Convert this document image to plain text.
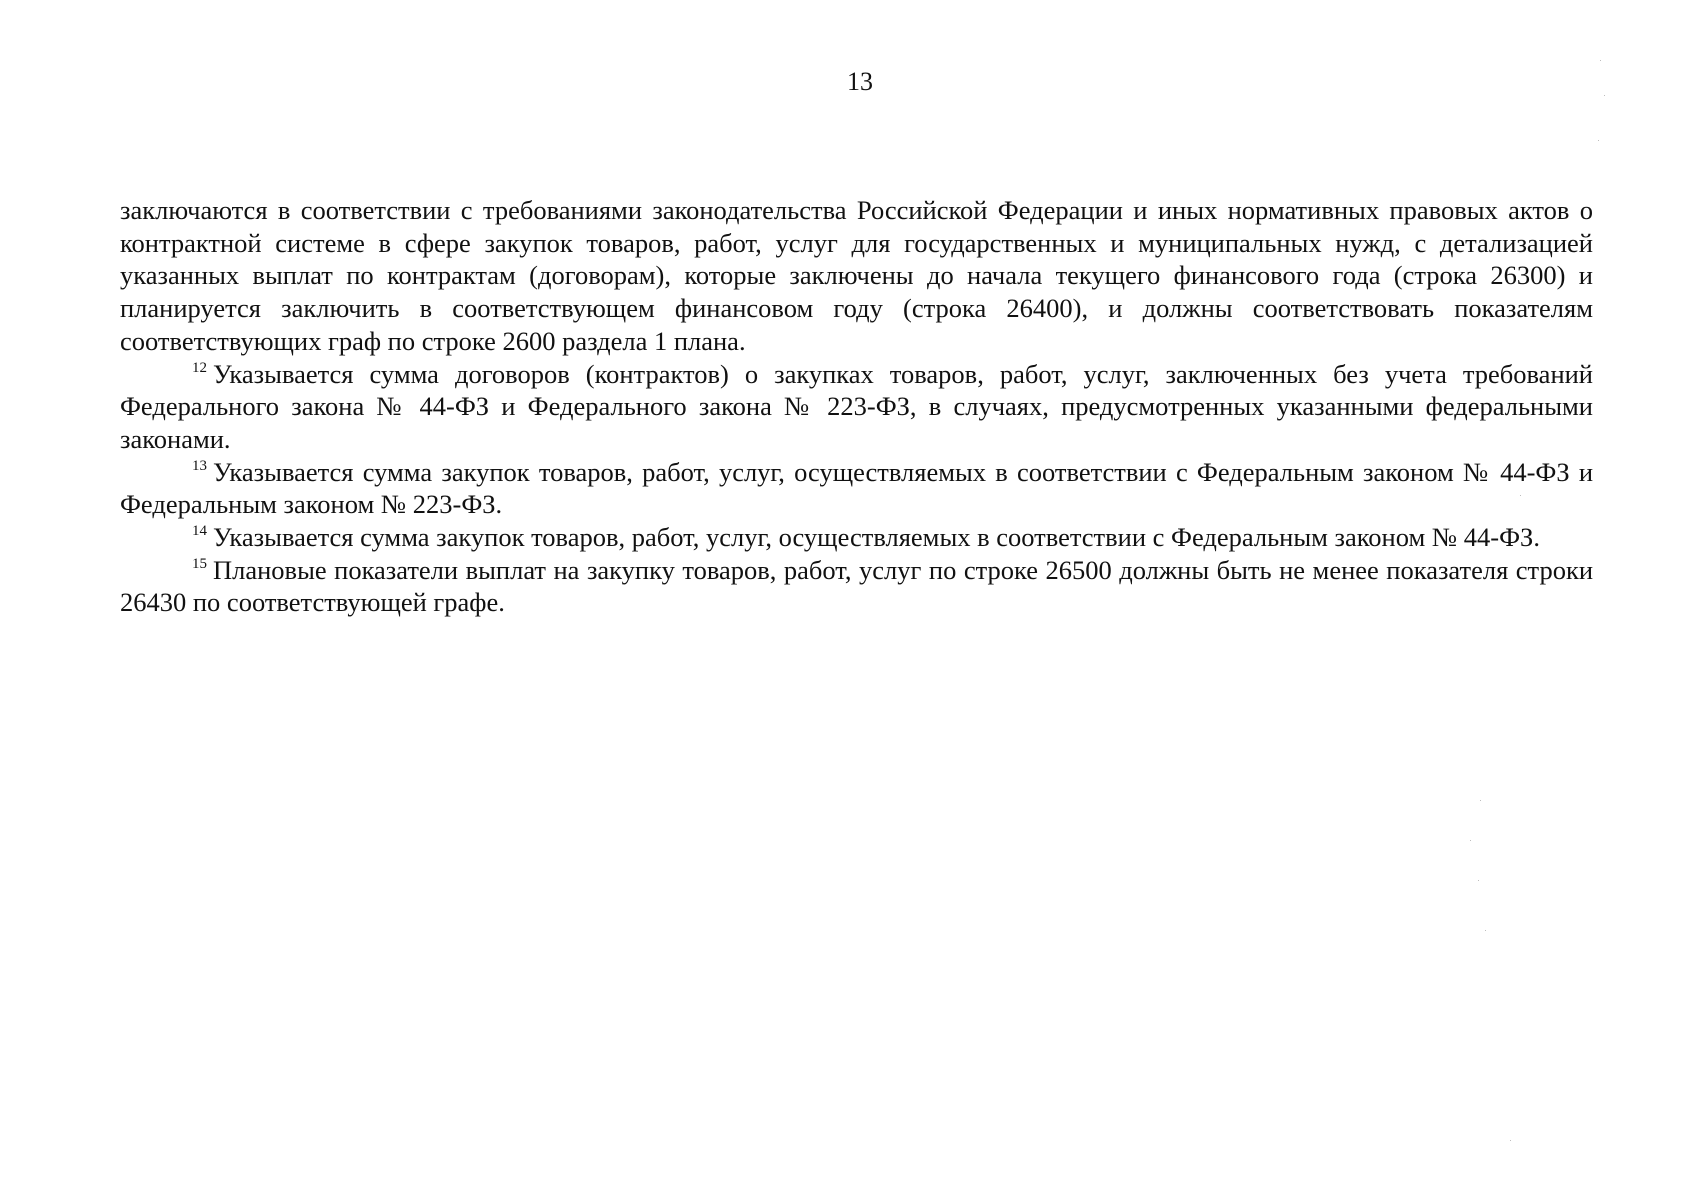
13

заключаются в соответствии с требованиями законодательства Российской Федерации и иных нормативных правовых актов о контрактной системе в сфере закупок товаров, работ, услуг для государственных и муниципальных нужд, с детализацией указанных выплат по контрактам (договорам), которые заключены до начала текущего финансового года (строка 26300) и планируется заключить в соответствующем финансовом году (строка 26400), и должны соответствовать показателям соответствующих граф по строке 2600 раздела 1 плана.

$^{12}$ Указывается сумма договоров (контрактов) о закупках товаров, работ, услуг, заключенных без учета требований Федерального закона № 44-ФЗ и Федерального закона № 223-ФЗ, в случаях, предусмотренных указанными федеральными законами.

$^{13}$ Указывается сумма закупок товаров, работ, услуг, осуществляемых в соответствии с Федеральным законом № 44-ФЗ и Федеральным законом № 223-ФЗ.

$^{14}$ Указывается сумма закупок товаров, работ, услуг, осуществляемых в соответствии с Федеральным законом № 44-ФЗ.

$^{15}$ Плановые показатели выплат на закупку товаров, работ, услуг по строке 26500 должны быть не менее показателя строки 26430 по соответствующей графе.
